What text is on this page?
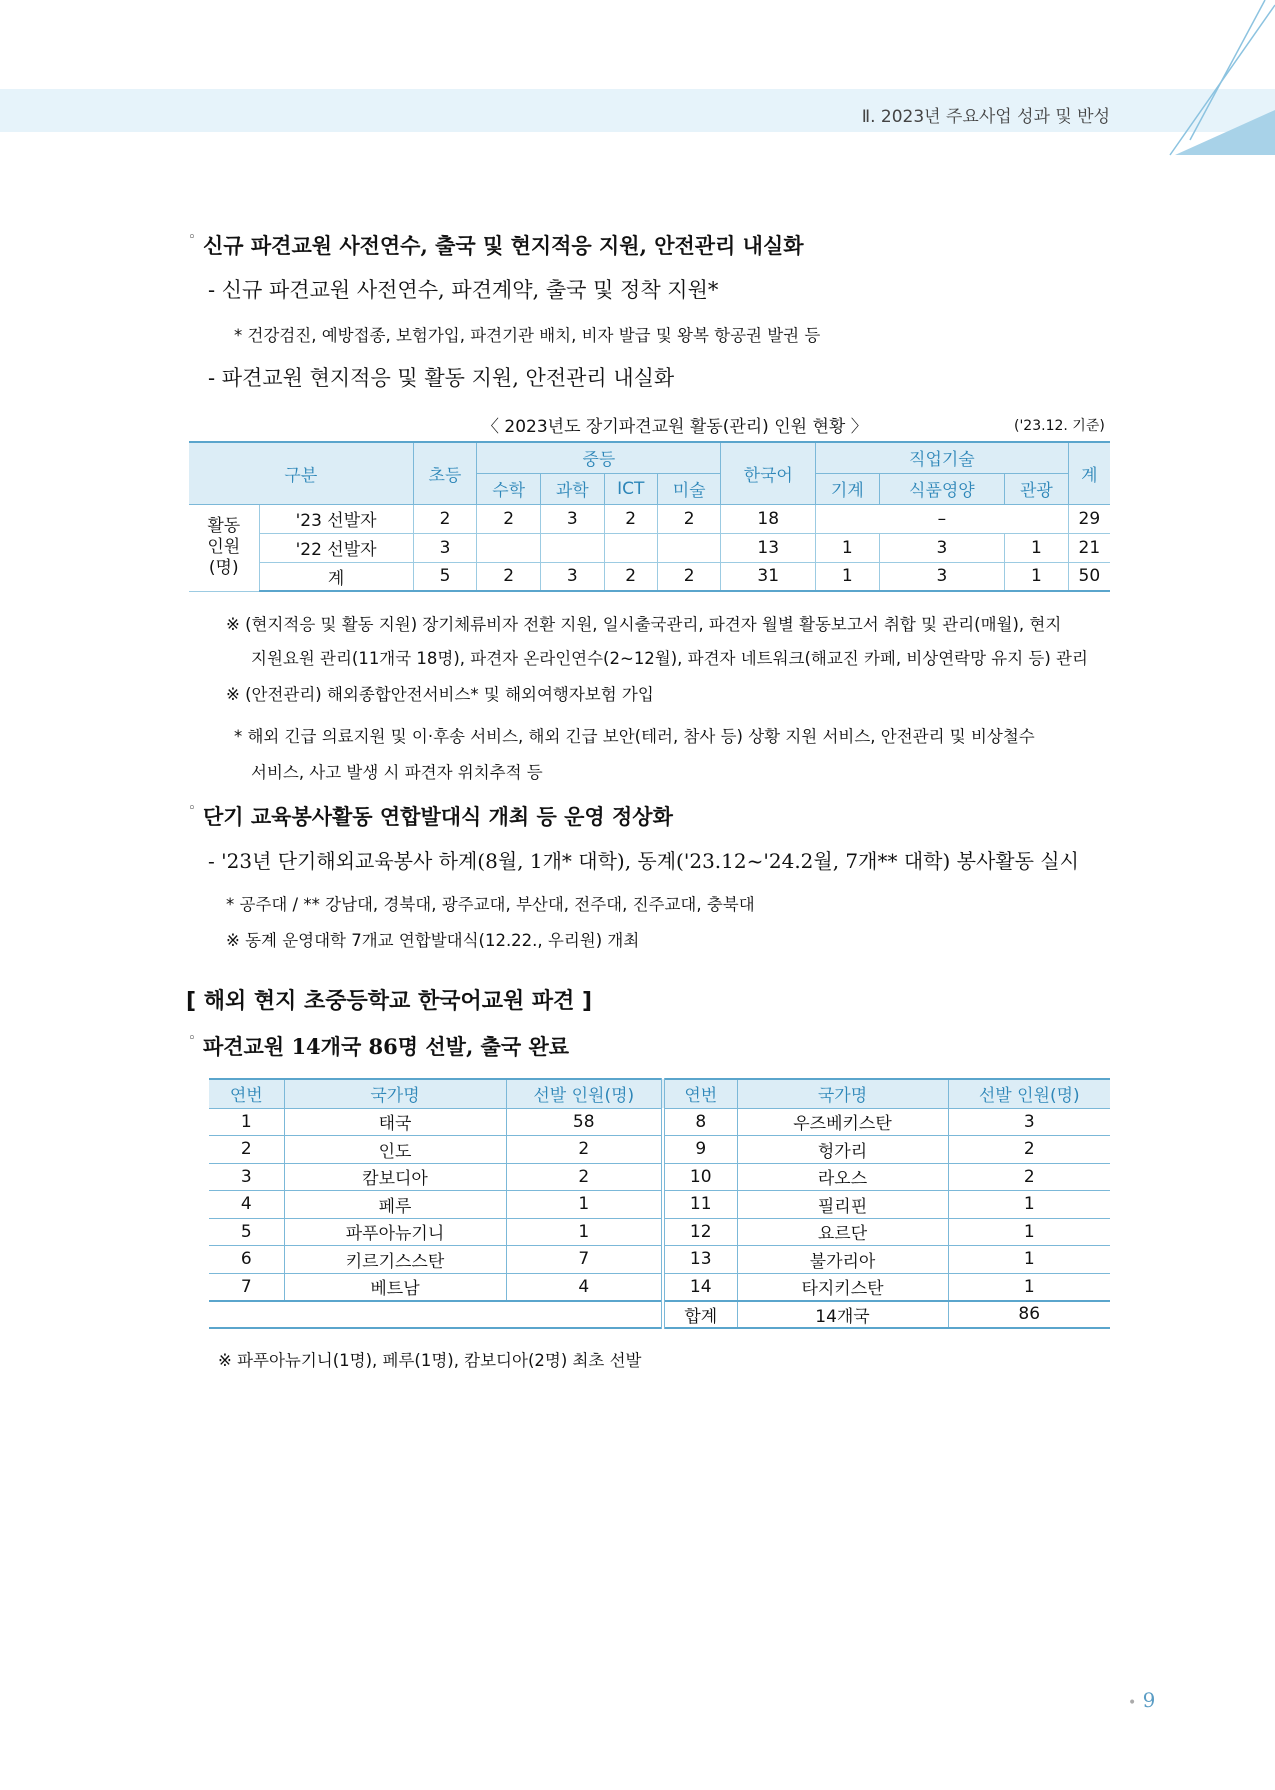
Ⅱ. 2023년 주요사업 성과 및 반성
◦ 신규 파견교원 사전연수, 출국 및 현지적응 지원, 안전관리 내실화
- 신규 파견교원 사전연수, 파견계약, 출국 및 정착 지원*
* 건강검진, 예방접종, 보험가입, 파견기관 배치, 비자 발급 및 왕복 항공권 발권 등
- 파견교원 현지적응 및 활동 지원, 안전관리 내실화
〈 2023년도 장기파견교원 활동(관리) 인원 현황 〉	('23.12. 기준)
구분		초등	중등				한국어	직업기술			계
			수학	과학	ICT	미술		기계	식품영양	관광	
활동
인원
(명)	'23 선발자	2	2	3	2	2	18	–			29
	'22 선발자	3					13	1	3	1	21
	계	5	2	3	2	2	31	1	3	1	50
※ (현지적응 및 활동 지원) 장기체류비자 전환 지원, 일시출국관리, 파견자 월별 활동보고서 취합 및 관리(매월), 현지
지원요원 관리(11개국 18명), 파견자 온라인연수(2~12월), 파견자 네트워크(해교진 카페, 비상연락망 유지 등) 관리
※ (안전관리) 해외종합안전서비스* 및 해외여행자보험 가입
* 해외 긴급 의료지원 및 이·후송 서비스, 해외 긴급 보안(테러, 참사 등) 상황 지원 서비스, 안전관리 및 비상철수
서비스, 사고 발생 시 파견자 위치추적 등
◦ 단기 교육봉사활동 연합발대식 개최 등 운영 정상화
- '23년 단기해외교육봉사 하계(8월, 1개* 대학), 동계('23.12~'24.2월, 7개** 대학) 봉사활동 실시
* 공주대 / ** 강남대, 경북대, 광주교대, 부산대, 전주대, 진주교대, 충북대
※ 동계 운영대학 7개교 연합발대식(12.22., 우리원) 개최
[ 해외 현지 초중등학교 한국어교원 파견 ]
◦ 파견교원 14개국 86명 선발, 출국 완료
연번	국가명	선발 인원(명)	연번	국가명	선발 인원(명)
1	태국	58	8	우즈베키스탄	3
2	인도	2	9	헝가리	2
3	캄보디아	2	10	라오스	2
4	페루	1	11	필리핀	1
5	파푸아뉴기니	1	12	요르단	1
6	키르기스스탄	7	13	불가리아	1
7	베트남	4	14	타지키스탄	1
			합계	14개국	86
※ 파푸아뉴기니(1명), 페루(1명), 캄보디아(2명) 최초 선발
• 9
